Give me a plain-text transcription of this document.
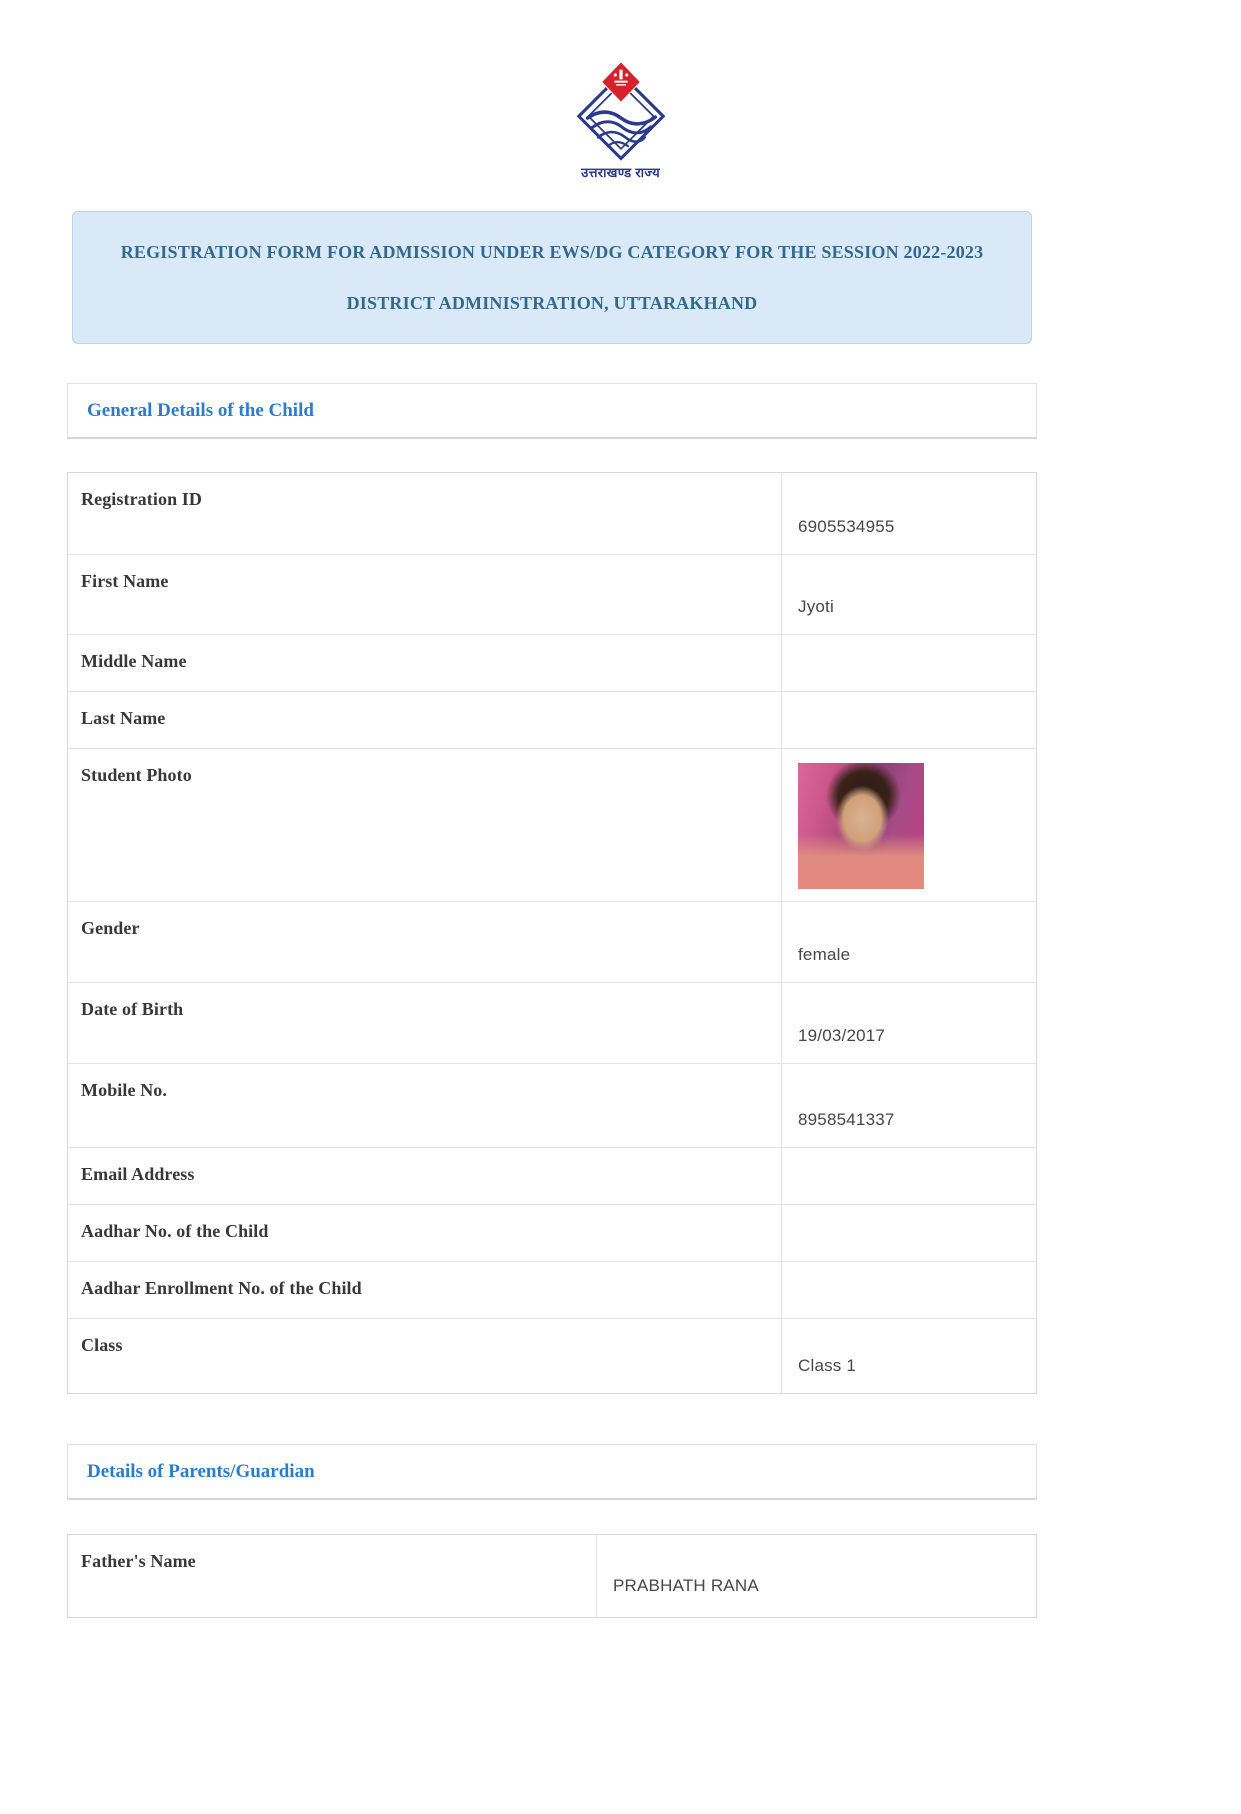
उत्तराखण्ड राज्य

REGISTRATION FORM FOR ADMISSION UNDER EWS/DG CATEGORY FOR THE SESSION 2022-2023

DISTRICT ADMINISTRATION, UTTARAKHAND

General Details of the Child
Registration ID
6905534955
First Name
Jyoti
Middle Name
Last Name
Student Photo
Gender
female
Date of Birth
19/03/2017
Mobile No.
8958541337
Email Address
Aadhar No. of the Child
Aadhar Enrollment No. of the Child
Class
Class 1
Details of Parents/Guardian
Father's Name
PRABHATH RANA
